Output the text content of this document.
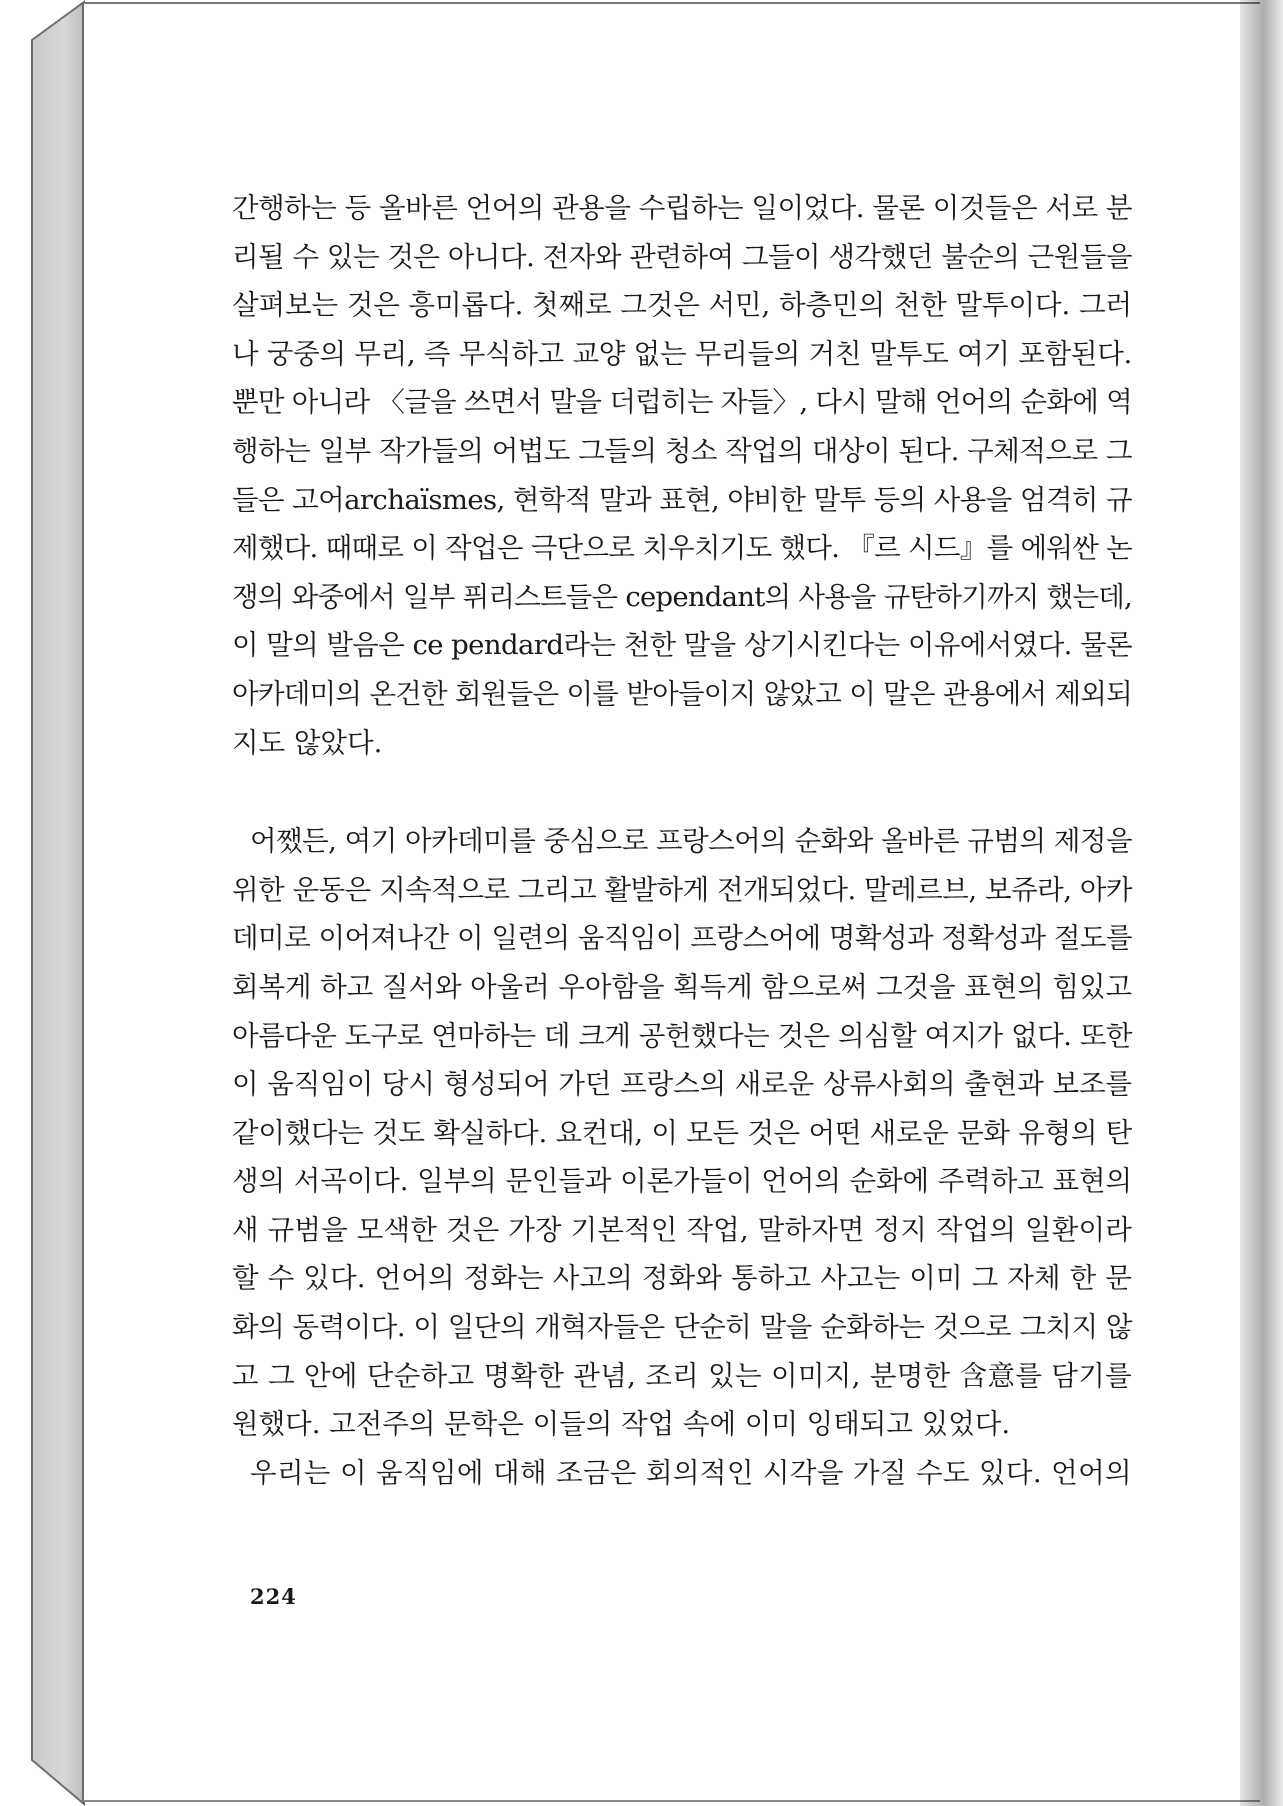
간행하는 등 올바른 언어의 관용을 수립하는 일이었다. 물론 이것들은 서로 분
리될 수 있는 것은 아니다. 전자와 관련하여 그들이 생각했던 불순의 근원들을
살펴보는 것은 흥미롭다. 첫째로 그것은 서민, 하층민의 천한 말투이다. 그러
나 궁중의 무리, 즉 무식하고 교양 없는 무리들의 거친 말투도 여기 포함된다.
뿐만 아니라 〈글을 쓰면서 말을 더럽히는 자들〉, 다시 말해 언어의 순화에 역
행하는 일부 작가들의 어법도 그들의 청소 작업의 대상이 된다. 구체적으로 그
들은 고어archaïsmes, 현학적 말과 표현, 야비한 말투 등의 사용을 엄격히 규
제했다. 때때로 이 작업은 극단으로 치우치기도 했다. 『르 시드』를 에워싼 논
쟁의 와중에서 일부 퓌리스트들은 cependant의 사용을 규탄하기까지 했는데,
이 말의 발음은 ce pendard라는 천한 말을 상기시킨다는 이유에서였다. 물론
아카데미의 온건한 회원들은 이를 받아들이지 않았고 이 말은 관용에서 제외되
지도 않았다.

어쨌든, 여기 아카데미를 중심으로 프랑스어의 순화와 올바른 규범의 제정을
위한 운동은 지속적으로 그리고 활발하게 전개되었다. 말레르브, 보쥬라, 아카
데미로 이어져나간 이 일련의 움직임이 프랑스어에 명확성과 정확성과 절도를
회복게 하고 질서와 아울러 우아함을 획득게 함으로써 그것을 표현의 힘있고
아름다운 도구로 연마하는 데 크게 공헌했다는 것은 의심할 여지가 없다. 또한
이 움직임이 당시 형성되어 가던 프랑스의 새로운 상류사회의 출현과 보조를
같이했다는 것도 확실하다. 요컨대, 이 모든 것은 어떤 새로운 문화 유형의 탄
생의 서곡이다. 일부의 문인들과 이론가들이 언어의 순화에 주력하고 표현의
새 규범을 모색한 것은 가장 기본적인 작업, 말하자면 정지 작업의 일환이라
할 수 있다. 언어의 정화는 사고의 정화와 통하고 사고는 이미 그 자체 한 문
화의 동력이다. 이 일단의 개혁자들은 단순히 말을 순화하는 것으로 그치지 않
고 그 안에 단순하고 명확한 관념, 조리 있는 이미지, 분명한 含意를 담기를
원했다. 고전주의 문학은 이들의 작업 속에 이미 잉태되고 있었다.

우리는 이 움직임에 대해 조금은 회의적인 시각을 가질 수도 있다. 언어의

224
